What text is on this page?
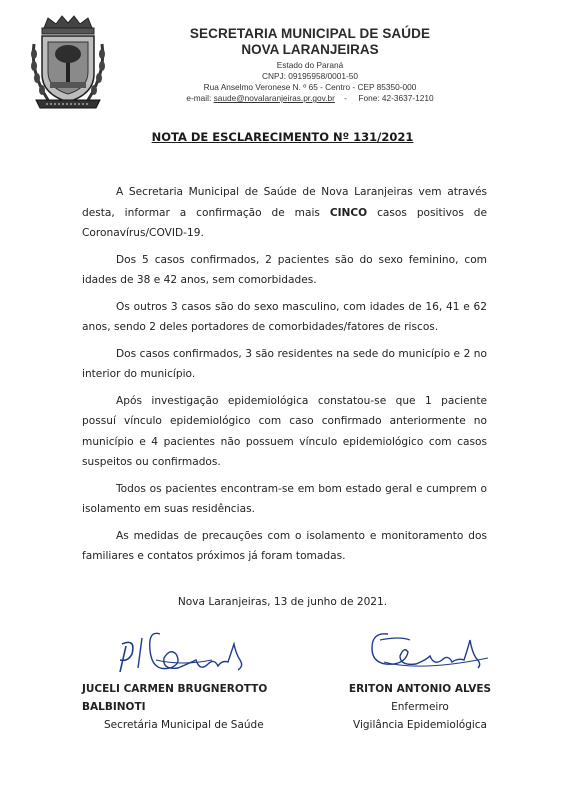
SECRETARIA MUNICIPAL DE SAÚDE
NOVA LARANJEIRAS
Estado do Paraná
CNPJ: 09195958/0001-50
Rua Anselmo Veronese N. º 65 - Centro - CEP 85350-000
e-mail: saude@novalaranjeiras.pr.gov.br - Fone: 42-3637-1210
NOTA DE ESCLARECIMENTO Nº 131/2021

A Secretaria Municipal de Saúde de Nova Laranjeiras vem através desta, informar a confirmação de mais CINCO casos positivos de Coronavírus/COVID-19.

Dos 5 casos confirmados, 2 pacientes são do sexo feminino, com idades de 38 e 42 anos, sem comorbidades.

Os outros 3 casos são do sexo masculino, com idades de 16, 41 e 62 anos, sendo 2 deles portadores de comorbidades/fatores de riscos.

Dos casos confirmados, 3 são residentes na sede do município e 2 no interior do município.

Após investigação epidemiológica constatou-se que 1 paciente possuí vínculo epidemiológico com caso confirmado anteriormente no município e 4 pacientes não possuem vínculo epidemiológico com casos suspeitos ou confirmados.

Todos os pacientes encontram-se em bom estado geral e cumprem o isolamento em suas residências.

As medidas de precauções com o isolamento e monitoramento dos familiares e contatos próximos já foram tomadas.

Nova Laranjeiras, 13 de junho de 2021.
JUCELI CARMEN BRUGNEROTTO BALBINOTI
Secretária Municipal de Saúde
ERITON ANTONIO ALVES
Enfermeiro
Vigilância Epidemiológica
